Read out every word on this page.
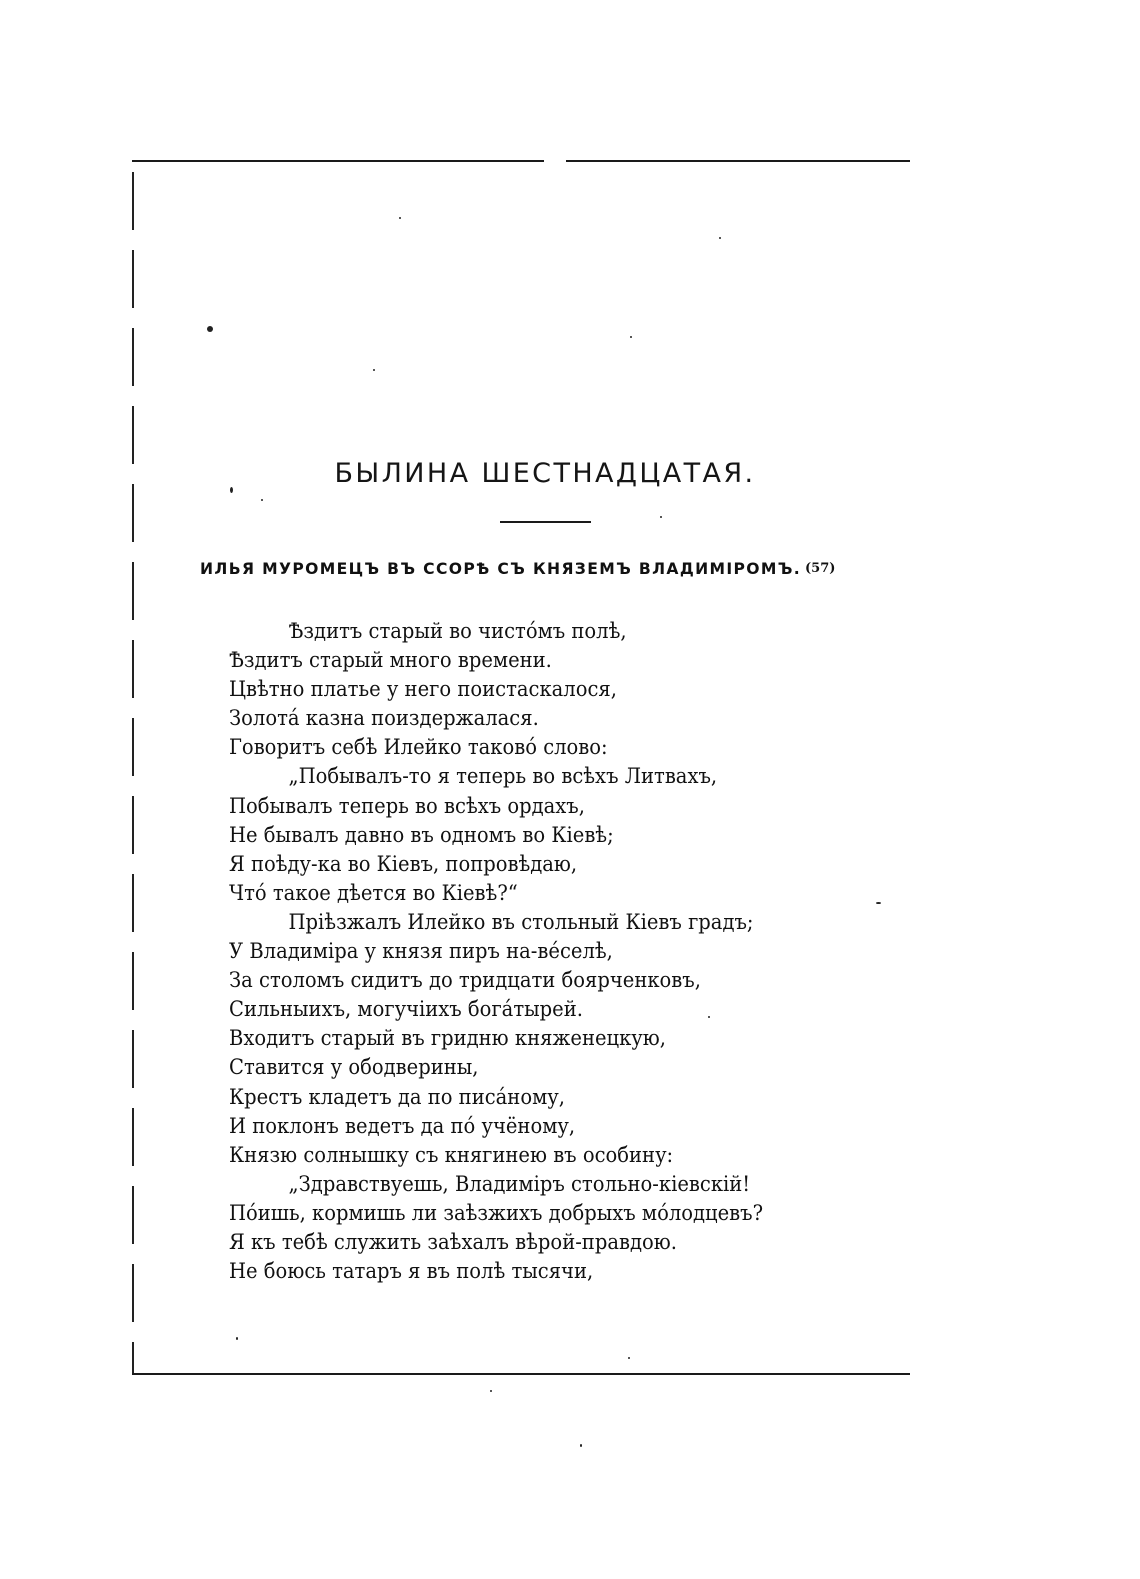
БЫЛИНА ШЕСТНАДЦАТАЯ.
ИЛЬЯ МУРОМЕЦЪ ВЪ ССОРѢ СЪ КНЯЗЕМЪ ВЛАДИМІРОМЪ. (57)
Ѣздитъ старый во чистóмъ полѣ,
Ѣздитъ старый много времени.
Цвѣтно платье у него поистаскалося,
Золотá казна поиздержалася.
Говоритъ себѣ Илейко таковó слово:
„Побывалъ-то я теперь во всѣхъ Литвахъ,
Побывалъ теперь во всѣхъ ордахъ,
Не бывалъ давно въ одномъ во Кіевѣ;
Я поѣду-ка во Кіевъ, попровѣдаю,
Чтó такое дѣется во Кіевѣ?“
Пріѣзжалъ Илейко въ стольный Кіевъ градъ;
У Владиміра у князя пиръ на-вéселѣ,
За столомъ сидитъ до тридцати боярченковъ,
Сильныихъ, могучіихъ богáтырей.
Входитъ старый въ гридню княженецкую,
Ставится у ободверины,
Крестъ кладетъ да по писáному,
И поклонъ ведетъ да пó учёному,
Князю солнышку съ княгинею въ особину:
„Здравствуешь, Владиміръ стольно-кіевскій!
Пóишь, кормишь ли заѣзжихъ добрыхъ мóлодцевъ?
Я къ тебѣ служить заѣхалъ вѣрой-правдою.
Не боюсь татаръ я въ полѣ тысячи,
